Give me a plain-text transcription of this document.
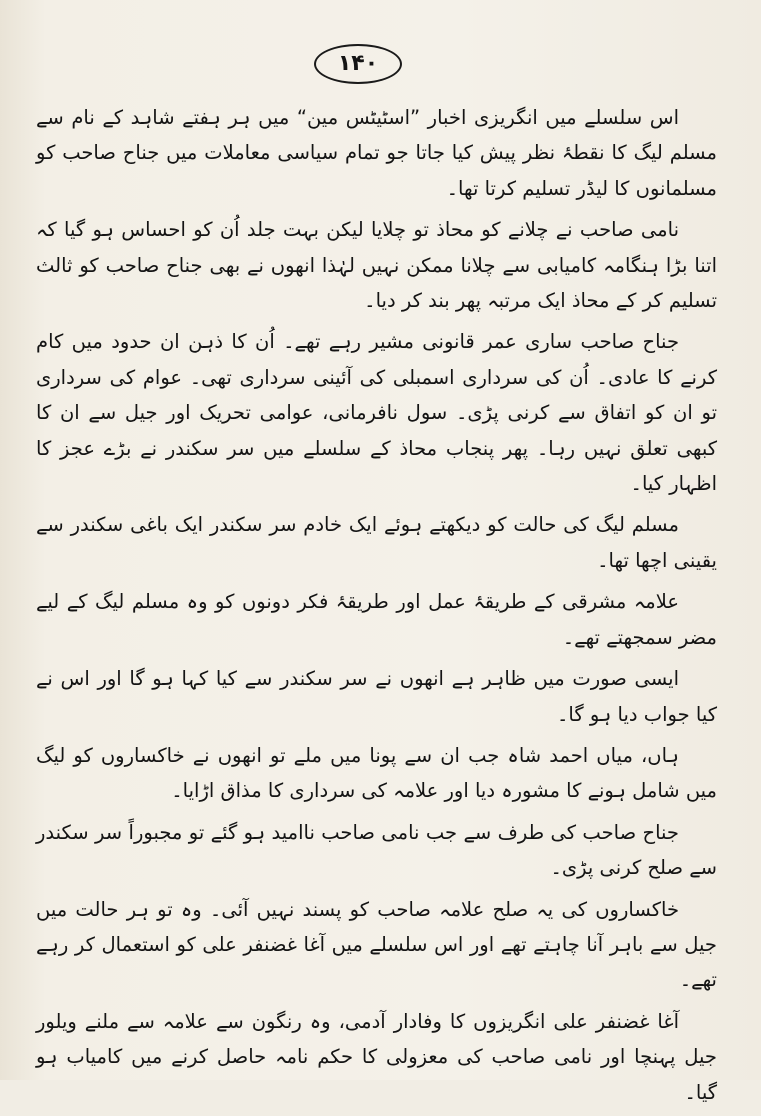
۱۴۰

اس سلسلے میں انگریزی اخبار ”اسٹیٹس مین“ میں ہر ہفتے شاہد کے نام سے مسلم لیگ کا نقطۂ نظر پیش کیا جاتا جو تمام سیاسی معاملات میں جناح صاحب کو مسلمانوں کا لیڈر تسلیم کرتا تھا۔

نامی صاحب نے چلانے کو محاذ تو چلایا لیکن بہت جلد اُن کو احساس ہو گیا کہ اتنا بڑا ہنگامہ کامیابی سے چلانا ممکن نہیں لہٰذا انھوں نے بھی جناح صاحب کو ثالث تسلیم کر کے محاذ ایک مرتبہ پھر بند کر دیا۔

جناح صاحب ساری عمر قانونی مشیر رہے تھے۔ اُن کا ذہن ان حدود میں کام کرنے کا عادی۔ اُن کی سرداری اسمبلی کی آئینی سرداری تھی۔ عوام کی سرداری تو ان کو اتفاق سے کرنی پڑی۔ سول نافرمانی، عوامی تحریک اور جیل سے ان کا کبھی تعلق نہیں رہا۔ پھر پنجاب محاذ کے سلسلے میں سر سکندر نے بڑے عجز کا اظہار کیا۔

مسلم لیگ کی حالت کو دیکھتے ہوئے ایک خادم سر سکندر ایک باغی سکندر سے یقینی اچھا تھا۔

علامہ مشرقی کے طریقۂ عمل اور طریقۂ فکر دونوں کو وہ مسلم لیگ کے لیے مضر سمجھتے تھے۔

ایسی صورت میں ظاہر ہے انھوں نے سر سکندر سے کیا کہا ہو گا اور اس نے کیا جواب دیا ہو گا۔

ہاں، میاں احمد شاہ جب ان سے پونا میں ملے تو انھوں نے خاکساروں کو لیگ میں شامل ہونے کا مشورہ دیا اور علامہ کی سرداری کا مذاق اڑایا۔

جناح صاحب کی طرف سے جب نامی صاحب ناامید ہو گئے تو مجبوراً سر سکندر سے صلح کرنی پڑی۔

خاکساروں کی یہ صلح علامہ صاحب کو پسند نہیں آئی۔ وہ تو ہر حالت میں جیل سے باہر آنا چاہتے تھے اور اس سلسلے میں آغا غضنفر علی کو استعمال کر رہے تھے۔

آغا غضنفر علی انگریزوں کا وفادار آدمی، وہ رنگون سے علامہ سے ملنے ویلور جیل پہنچا اور نامی صاحب کی معزولی کا حکم نامہ حاصل کرنے میں کامیاب ہو گیا۔
